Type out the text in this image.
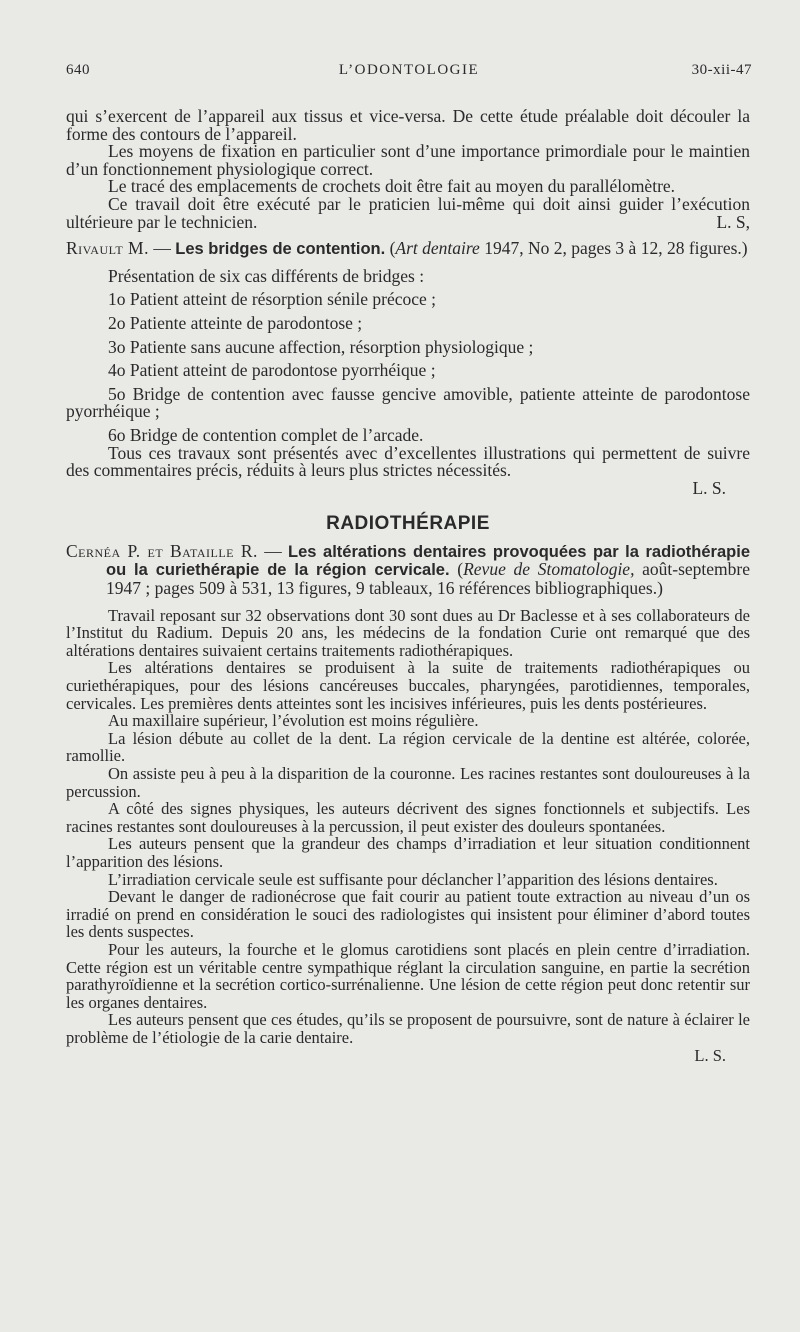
640	L’ODONTOLOGIE	30-xii-47

qui s’exercent de l’appareil aux tissus et vice-versa. De cette étude préalable doit découler la forme des contours de l’appareil.

Les moyens de fixation en particulier sont d’une importance primordiale pour le maintien d’un fonctionnement physiologique correct.

Le tracé des emplacements de crochets doit être fait au moyen du parallélomètre.

Ce travail doit être exécuté par le praticien lui-même qui doit ainsi guider l’exécution ultérieure par le technicien.	L. S,

Rivault M. — Les bridges de contention. (Art dentaire 1947, No 2, pages 3 à 12, 28 figures.)

Présentation de six cas différents de bridges :

1o Patient atteint de résorption sénile précoce ;

2o Patiente atteinte de parodontose ;

3o Patiente sans aucune affection, résorption physiologique ;

4o Patient atteint de parodontose pyorrhéique ;

5o Bridge de contention avec fausse gencive amovible, patiente atteinte de parodontose pyorrhéique ;

6o Bridge de contention complet de l’arcade.

Tous ces travaux sont présentés avec d’excellentes illustrations qui permettent de suivre des commentaires précis, réduits à leurs plus strictes nécessités.

L. S.

RADIOTHÉRAPIE

Cernéa P. et Bataille R. — Les altérations dentaires provoquées par la radiothérapie ou la curiethérapie de la région cervicale. (Revue de Stomatologie, août-septembre 1947 ; pages 509 à 531, 13 figures, 9 tableaux, 16 références bibliographiques.)

Travail reposant sur 32 observations dont 30 sont dues au Dr Baclesse et à ses collaborateurs de l’Institut du Radium. Depuis 20 ans, les médecins de la fondation Curie ont remarqué que des altérations dentaires suivaient certains traitements radiothérapiques.

Les altérations dentaires se produisent à la suite de traitements radiothérapiques ou curiethérapiques, pour des lésions cancéreuses buccales, pharyngées, parotidiennes, temporales, cervicales. Les premières dents atteintes sont les incisives inférieures, puis les dents postérieures.

Au maxillaire supérieur, l’évolution est moins régulière.

La lésion débute au collet de la dent. La région cervicale de la dentine est altérée, colorée, ramollie.

On assiste peu à peu à la disparition de la couronne. Les racines restantes sont douloureuses à la percussion.

A côté des signes physiques, les auteurs décrivent des signes fonctionnels et subjectifs. Les racines restantes sont douloureuses à la percussion, il peut exister des douleurs spontanées.

Les auteurs pensent que la grandeur des champs d’irradiation et leur situation conditionnent l’apparition des lésions.

L’irradiation cervicale seule est suffisante pour déclancher l’apparition des lésions dentaires.

Devant le danger de radionécrose que fait courir au patient toute extraction au niveau d’un os irradié on prend en considération le souci des radiologistes qui insistent pour éliminer d’abord toutes les dents suspectes.

Pour les auteurs, la fourche et le glomus carotidiens sont placés en plein centre d’irradiation. Cette région est un véritable centre sympathique réglant la circulation sanguine, en partie la secrétion parathyroïdienne et la secrétion cortico-surrénalienne. Une lésion de cette région peut donc retentir sur les organes dentaires.

Les auteurs pensent que ces études, qu’ils se proposent de poursuivre, sont de nature à éclairer le problème de l’étiologie de la carie dentaire.

L. S.
